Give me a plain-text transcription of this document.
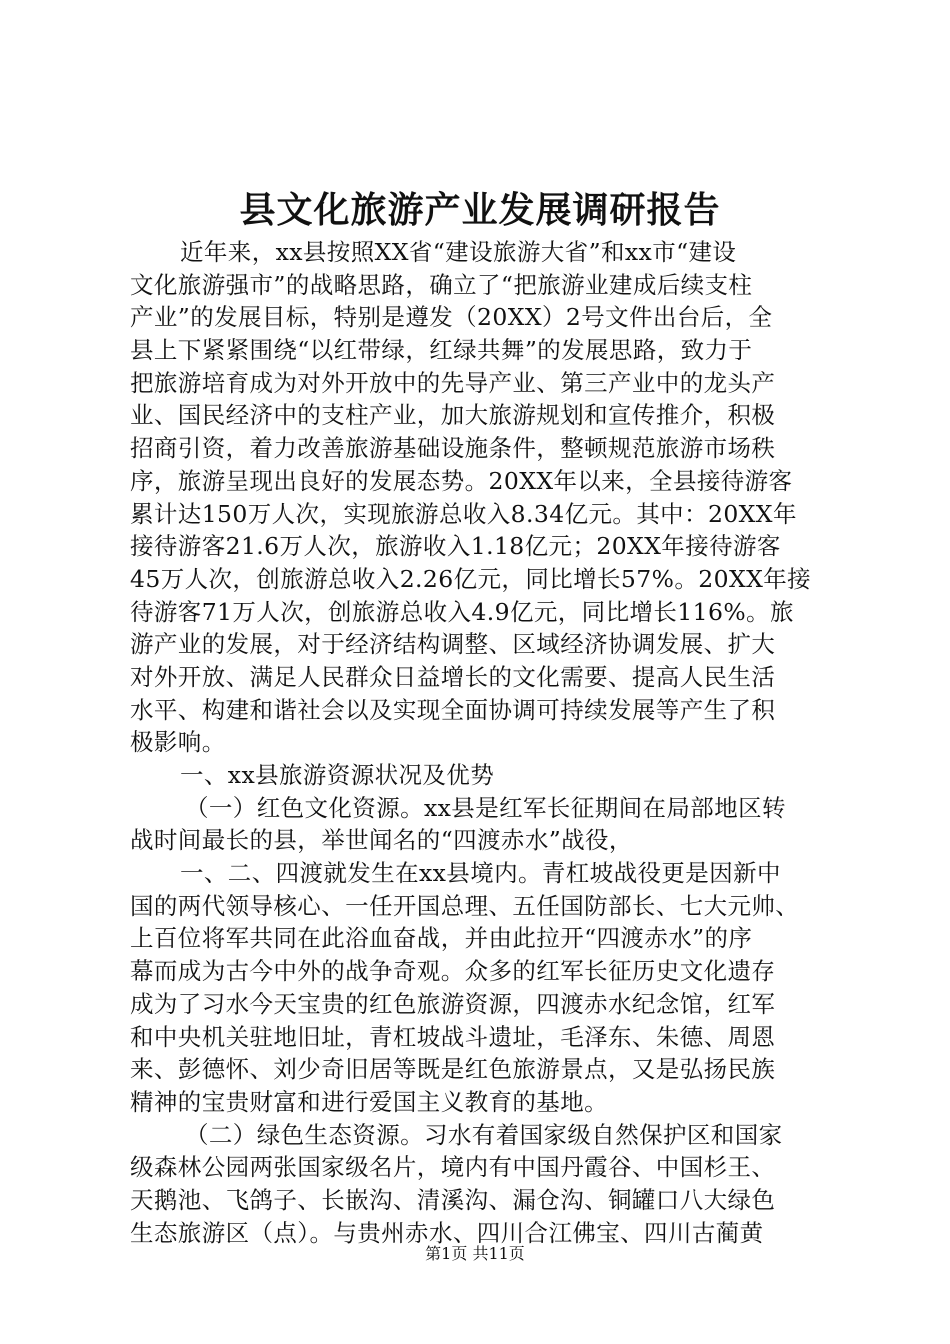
县文化旅游产业发展调研报告
近年来，xx县按照XX省“建设旅游大省”和xx市“建设
文化旅游强市”的战略思路，确立了“把旅游业建成后续支柱
产业”的发展目标，特别是遵发（20XX）2号文件出台后，全
县上下紧紧围绕“以红带绿，红绿共舞”的发展思路，致力于
把旅游培育成为对外开放中的先导产业、第三产业中的龙头产
业、国民经济中的支柱产业，加大旅游规划和宣传推介，积极
招商引资，着力改善旅游基础设施条件，整顿规范旅游市场秩
序，旅游呈现出良好的发展态势。20XX年以来，全县接待游客
累计达150万人次，实现旅游总收入8.34亿元。其中：20XX年
接待游客21.6万人次，旅游收入1.18亿元；20XX年接待游客
45万人次，创旅游总收入2.26亿元，同比增长57%。20XX年接
待游客71万人次，创旅游总收入4.9亿元，同比增长116%。旅
游产业的发展，对于经济结构调整、区域经济协调发展、扩大
对外开放、满足人民群众日益增长的文化需要、提高人民生活
水平、构建和谐社会以及实现全面协调可持续发展等产生了积
极影响。
一、xx县旅游资源状况及优势
（一）红色文化资源。xx县是红军长征期间在局部地区转
战时间最长的县，举世闻名的“四渡赤水”战役，
一、二、四渡就发生在xx县境内。青杠坡战役更是因新中
国的两代领导核心、一任开国总理、五任国防部长、七大元帅、
上百位将军共同在此浴血奋战，并由此拉开“四渡赤水”的序
幕而成为古今中外的战争奇观。众多的红军长征历史文化遗存
成为了习水今天宝贵的红色旅游资源，四渡赤水纪念馆，红军
和中央机关驻地旧址，青杠坡战斗遗址，毛泽东、朱德、周恩
来、彭德怀、刘少奇旧居等既是红色旅游景点，又是弘扬民族
精神的宝贵财富和进行爱国主义教育的基地。
（二）绿色生态资源。习水有着国家级自然保护区和国家
级森林公园两张国家级名片，境内有中国丹霞谷、中国杉王、
天鹅池、飞鸽子、长嵌沟、清溪沟、漏仓沟、铜罐口八大绿色
生态旅游区（点）。与贵州赤水、四川合江佛宝、四川古蔺黄
第1页 共11页
